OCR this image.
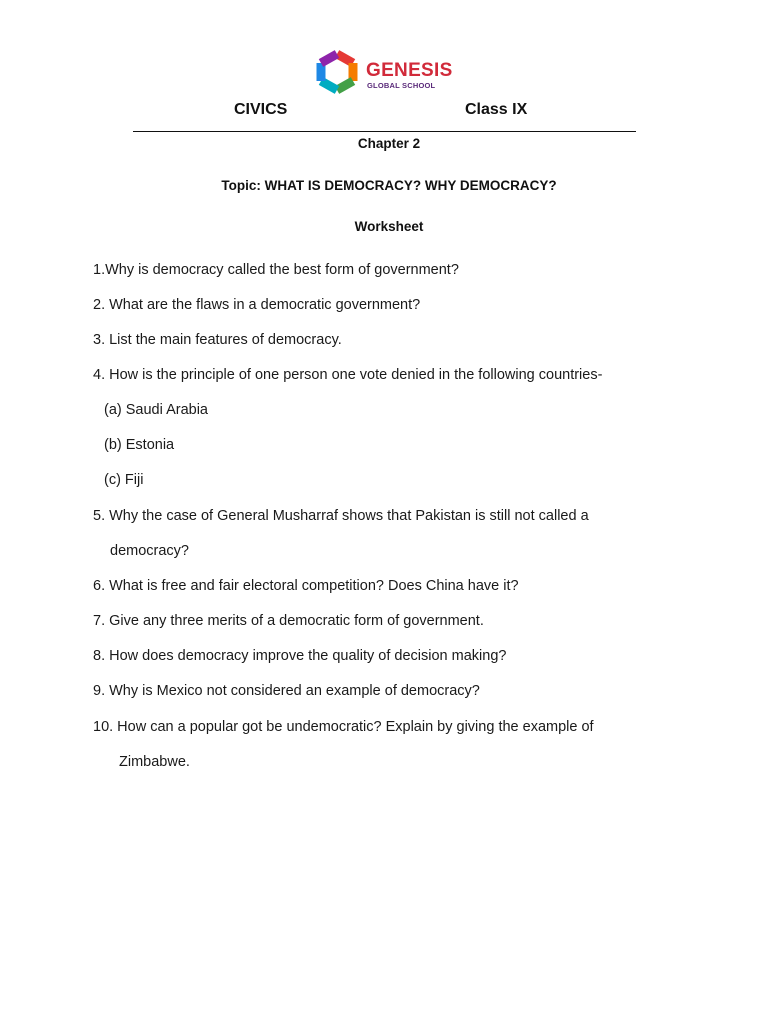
GENESIS
GLOBAL SCHOOL
CIVICS	Class IX
Chapter 2
Topic: WHAT IS DEMOCRACY? WHY DEMOCRACY?
Worksheet
1.Why is democracy called the best form of government?
2. What are the flaws in a democratic government?
3. List the main features of democracy.
4. How is the principle of one person one vote denied in the following countries-
(a) Saudi Arabia
(b) Estonia
(c) Fiji
5. Why the case of General Musharraf shows that Pakistan is still not called a
democracy?
6. What is free and fair electoral competition? Does China have it?
7. Give any three merits of a democratic form of government.
8. How does democracy improve the quality of decision making?
9. Why is Mexico not considered an example of democracy?
10. How can a popular got be undemocratic? Explain by giving the example of
Zimbabwe.
